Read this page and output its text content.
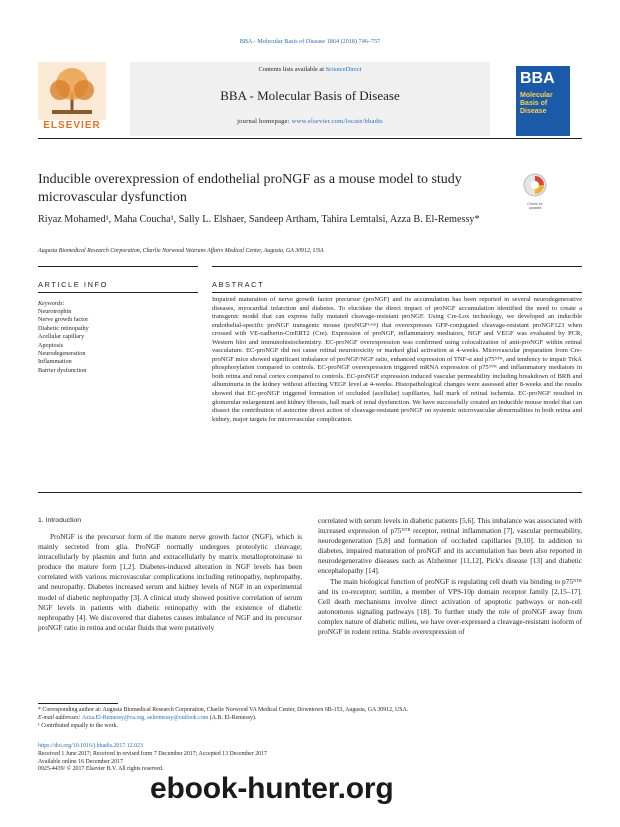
BBA - Molecular Basis of Disease 1864 (2018) 746–757
ELSEVIER
Contents lists available at ScienceDirect
BBA - Molecular Basis of Disease
journal homepage: www.elsevier.com/locate/bbadis
BBA
Molecular Basis of Disease
Inducible overexpression of endothelial proNGF as a mouse model to study microvascular dysfunction	Check for updates
Riyaz Mohamed¹, Maha Coucha¹, Sally L. Elshaer, Sandeep Artham, Tahira Lemtalsi, Azza B. El-Remessy*
Augusta Biomedical Research Corporation, Charlie Norwood Veterans Affairs Medical Center, Augusta, GA 30912, USA
ARTICLE INFO	ABSTRACT
Keywords:
Neurotrophin
Nerve growth factor
Diabetic retinopathy
Acellular capillary
Apoptosis
Neurodegeneration
Inflammation
Barrier dysfunction
Impaired maturation of nerve growth factor precursor (proNGF) and its accumulation has been reported in several neurodegenerative diseases, myocardial infarction and diabetes. To elucidate the direct impact of proNGF accumulation identified the need to create a transgenic model that can express fully mutated cleavage-resistant proNGF. Using Cre-Lox technology, we developed an inducible endothelial-specific proNGF transgenic mouse (proNGFᴸᵒˣᵖ) that overexpresses GFP-conjugated cleavage-resistant proNGF123 when crossed with VE-cadherin-CreERT2 (Cre). Expression of proNGF, inflammatory mediators, NGF and VEGF was evaluated by PCR, Western blot and immunohistochemistry. EC-proNGF overexpression was confirmed using colocalization of anti-proNGF within retinal vasculature. EC-proNGF did not cause retinal neurotoxicity or marked glial activation at 4-weeks. Microvascular preparation from Cre-proNGF mice showed significant imbalance of proNGF/NGF ratio, enhanced expression of TNF-α and p75ᴺᵀᴿ, and tendency to impair TrkA phosphorylation compared to controls. EC-proNGF overexpression triggered mRNA expression of p75ᴺᵀᴿ and inflammatory mediators in both retina and renal cortex compared to controls. EC-proNGF expression induced vascular permeability including breakdown of BRB and albuminuria in the kidney without affecting VEGF level at 4-weeks. Histopathological changes were assessed after 8-weeks and the results showed that EC-proNGF triggered formation of occluded (acellular) capillaries, hall mark of retinal ischemia. EC-proNGF resulted in glomerular enlargement and kidney fibrosis, hall mark of renal dysfunction. We have successfully created an inducible mouse model that can dissect the contribution of autocrine direct action of cleavage-resistant proNGF on systemic microvascular abnormalities in both retina and kidney, major targets for microvascular complication.
1. Introduction

ProNGF is the precursor form of the mature nerve growth factor (NGF), which is mainly secreted from glia. ProNGF normally undergoes proteolytic cleavage; intracellularly by plasmin and furin and extracellularly by matrix metalloproteinase to produce the mature form [1,2]. Diabetes-induced alteration in NGF levels has been correlated with various microvascular complications including retinopathy, nephropathy, and neuropathy. Diabetes increased serum and kidney levels of NGF in an experimental model of diabetic nephropathy [3]. A clinical study showed positive correlation of serum NGF levels in patients with diabetic retinopathy with the existence of diabetic nephropathy [4]. We discovered that diabetes causes imbalance of NGF and its precursor proNGF ratio in retina and ocular fluids that were putatively

correlated with serum levels in diabetic patients [5,6]. This imbalance was associated with increased expression of p75ᴺᵀᴿ receptor, retinal inflammation [7], vascular permeability, neurodegeneration [5,8] and formation of occluded capillaries [9,10]. In addition to diabetes, impaired maturation of proNGF and its accumulation has been also reported in neurodegenerative diseases such as Alzheimer [11,12], Pick's disease [13] and diabetic encephalopathy [14].

The main biological function of proNGF is regulating cell death via binding to p75ᴺᵀᴿ and its co-receptor; sortilin, a member of VPS-10p domain receptor family [2,15–17]. Cell death mechanisms involve direct activation of apoptotic pathways or non-cell autonomous signaling pathways [18]. To further study the role of proNGF away from complex nature of diabetic milieu, we have over-expressed a cleavage-resistant isoform of proNGF in rodent retina. Stable overexpression of

* Corresponding author at: Augusta Biomedical Research Corporation, Charlie Norwood VA Medical Center, Downtown 6B-153, Augusta, GA 30912, USA.
E-mail addresses: Azza.El-Remessy@va.org, aelremessy@outlook.com (A.B. El-Remessy).
¹ Contributed equally to the work.
https://doi.org/10.1016/j.bbadis.2017.12.023
Received 1 June 2017; Received in revised form 7 December 2017; Accepted 13 December 2017
Available online 16 December 2017
0925-4439/ © 2017 Elsevier B.V. All rights reserved.
ebook-hunter.org
